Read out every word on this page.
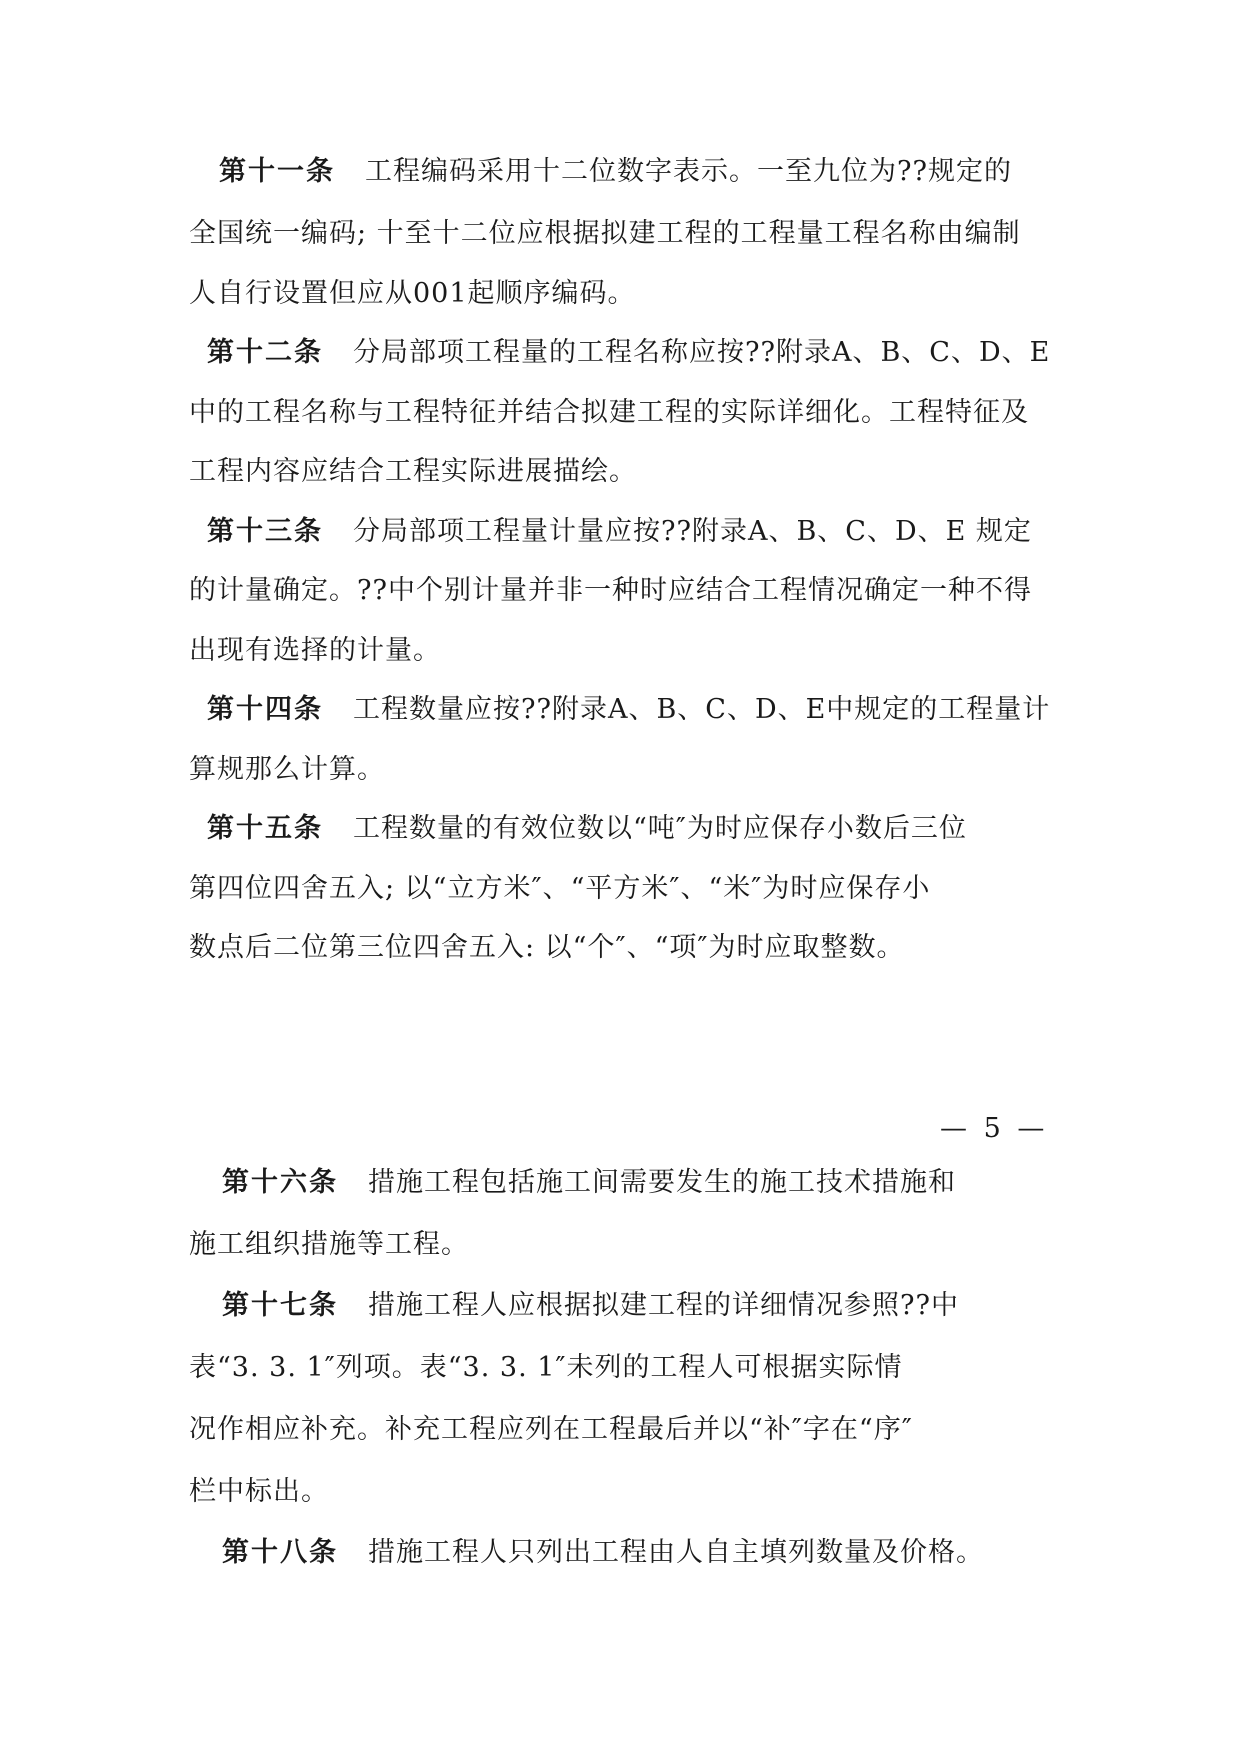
第十一条 工程编码采用十二位数字表示。一至九位为??规定的
全国统一编码; 十至十二位应根据拟建工程的工程量工程名称由编制
人自行设置但应从001起顺序编码。
第十二条 分局部项工程量的工程名称应按??附录A、B、C、D、E
中的工程名称与工程特征并结合拟建工程的实际详细化。工程特征及
工程内容应结合工程实际进展描绘。
第十三条 分局部项工程量计量应按??附录A、B、C、D、E 规定
的计量确定。??中个别计量并非一种时应结合工程情况确定一种不得
出现有选择的计量。
第十四条 工程数量应按??附录A、B、C、D、E中规定的工程量计
算规那么计算。
第十五条 工程数量的有效位数以“吨″为时应保存小数后三位
第四位四舍五入; 以“立方米″、“平方米″、“米″为时应保存小
数点后二位第三位四舍五入: 以“个″、“项″为时应取整数。
— 5 —
第十六条 措施工程包括施工间需要发生的施工技术措施和
施工组织措施等工程。
第十七条 措施工程人应根据拟建工程的详细情况参照??中
表“3. 3. 1″列项。表“3. 3. 1″未列的工程人可根据实际情
况作相应补充。补充工程应列在工程最后并以“补″字在“序″
栏中标出。
第十八条 措施工程人只列出工程由人自主填列数量及价格。
